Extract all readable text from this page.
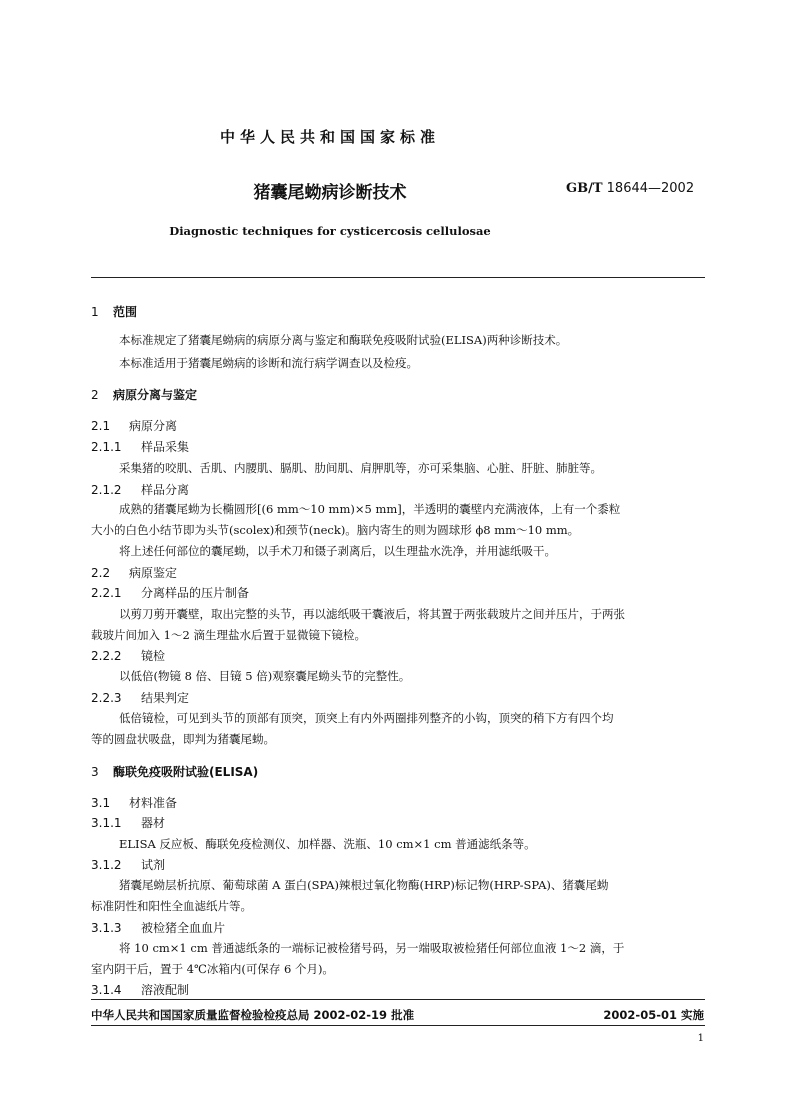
中华人民共和国国家标准
猪囊尾蚴病诊断技术	GB/T 18644—2002
Diagnostic techniques for cysticercosis cellulosae
1 范围
本标准规定了猪囊尾蚴病的病原分离与鉴定和酶联免疫吸附试验(ELISA)两种诊断技术。
本标准适用于猪囊尾蚴病的诊断和流行病学调查以及检疫。
2 病原分离与鉴定
2.1 病原分离
2.1.1 样品采集
采集猪的咬肌、舌肌、内腰肌、膈肌、肋间肌、肩胛肌等，亦可采集脑、心脏、肝脏、肺脏等。
2.1.2 样品分离
成熟的猪囊尾蚴为长椭圆形[(6 mm～10 mm)×5 mm]，半透明的囊壁内充满液体，上有一个黍粒
大小的白色小结节即为头节(scolex)和颈节(neck)。脑内寄生的则为圆球形 ϕ8 mm～10 mm。
将上述任何部位的囊尾蚴，以手术刀和镊子剥离后，以生理盐水洗净，并用滤纸吸干。
2.2 病原鉴定
2.2.1 分离样品的压片制备
以剪刀剪开囊壁，取出完整的头节，再以滤纸吸干囊液后，将其置于两张载玻片之间并压片，于两张
载玻片间加入 1～2 滴生理盐水后置于显微镜下镜检。
2.2.2 镜检
以低倍(物镜 8 倍、目镜 5 倍)观察囊尾蚴头节的完整性。
2.2.3 结果判定
低倍镜检，可见到头节的顶部有顶突，顶突上有内外两圈排列整齐的小钩，顶突的稍下方有四个均
等的圆盘状吸盘，即判为猪囊尾蚴。
3 酶联免疫吸附试验(ELISA)
3.1 材料准备
3.1.1 器材
ELISA 反应板、酶联免疫检测仪、加样器、洗瓶、10 cm×1 cm 普通滤纸条等。
3.1.2 试剂
猪囊尾蚴层析抗原、葡萄球菌 A 蛋白(SPA)辣根过氧化物酶(HRP)标记物(HRP-SPA)、猪囊尾蚴
标准阴性和阳性全血滤纸片等。
3.1.3 被检猪全血血片
将 10 cm×1 cm 普通滤纸条的一端标记被检猪号码，另一端吸取被检猪任何部位血液 1～2 滴，于
室内阴干后，置于 4℃冰箱内(可保存 6 个月)。
3.1.4 溶液配制
中华人民共和国国家质量监督检验检疫总局 2002-02-19 批准	2002-05-01 实施
1
